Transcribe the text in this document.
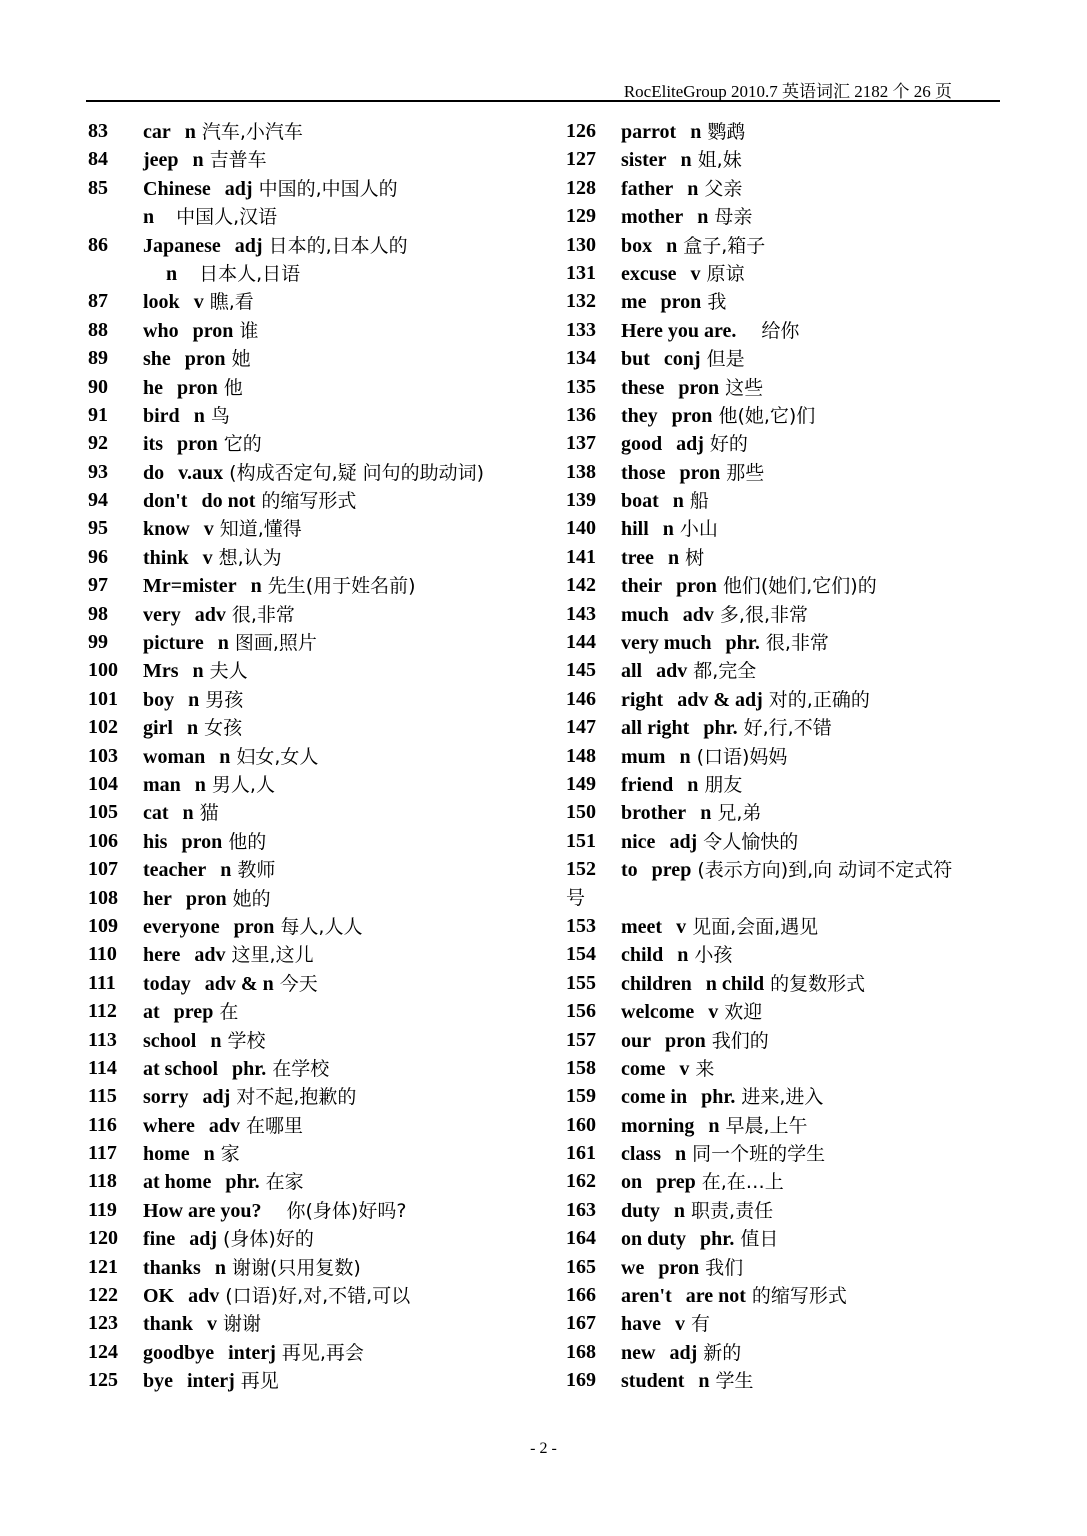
RocEliteGroup 2010.7 英语词汇 2182 个 26 页
83 car n 汽车,小汽车
84 jeep n 吉普车
85 Chinese adj 中国的,中国人的
n 中国人,汉语
86 Japanese adj 日本的,日本人的
n 日本人,日语
87 look v 瞧,看
88 who pron 谁
89 she pron 她
90 he pron 他
91 bird n 鸟
92 its pron 它的
93 do v.aux (构成否定句,疑 问句的助动词)
94 don't do not 的缩写形式
95 know v 知道,懂得
96 think v 想,认为
97 Mr=mister n 先生(用于姓名前)
98 very adv 很,非常
99 picture n 图画,照片
100 Mrs n 夫人
101 boy n 男孩
102 girl n 女孩
103 woman n 妇女,女人
104 man n 男人,人
105 cat n 猫
106 his pron 他的
107 teacher n 教师
108 her pron 她的
109 everyone pron 每人,人人
110 here adv 这里,这儿
111 today adv & n 今天
112 at prep 在
113 school n 学校
114 at school phr. 在学校
115 sorry adj 对不起,抱歉的
116 where adv 在哪里
117 home n 家
118 at home phr. 在家
119 How are you? 你(身体)好吗?
120 fine adj (身体)好的
121 thanks n 谢谢(只用复数)
122 OK adv (口语)好,对,不错,可以
123 thank v 谢谢
124 goodbye interj 再见,再会
125 bye interj 再见
126 parrot n 鹦鹉
127 sister n 姐,妹
128 father n 父亲
129 mother n 母亲
130 box n 盒子,箱子
131 excuse v 原谅
132 me pron 我
133 Here you are. 给你
134 but conj 但是
135 these pron 这些
136 they pron 他(她,它)们
137 good adj 好的
138 those pron 那些
139 boat n 船
140 hill n 小山
141 tree n 树
142 their pron 他们(她们,它们)的
143 much adv 多,很,非常
144 very much phr. 很,非常
145 all adv 都,完全
146 right adv & adj 对的,正确的
147 all right phr. 好,行,不错
148 mum n (口语)妈妈
149 friend n 朋友
150 brother n 兄,弟
151 nice adj 令人愉快的
152 to prep (表示方向)到,向 动词不定式符
号
153 meet v 见面,会面,遇见
154 child n 小孩
155 children n child 的复数形式
156 welcome v 欢迎
157 our pron 我们的
158 come v 来
159 come in phr. 进来,进入
160 morning n 早晨,上午
161 class n 同一个班的学生
162 on prep 在,在…上
163 duty n 职责,责任
164 on duty phr. 值日
165 we pron 我们
166 aren't are not 的缩写形式
167 have v 有
168 new adj 新的
169 student n 学生
- 2 -
